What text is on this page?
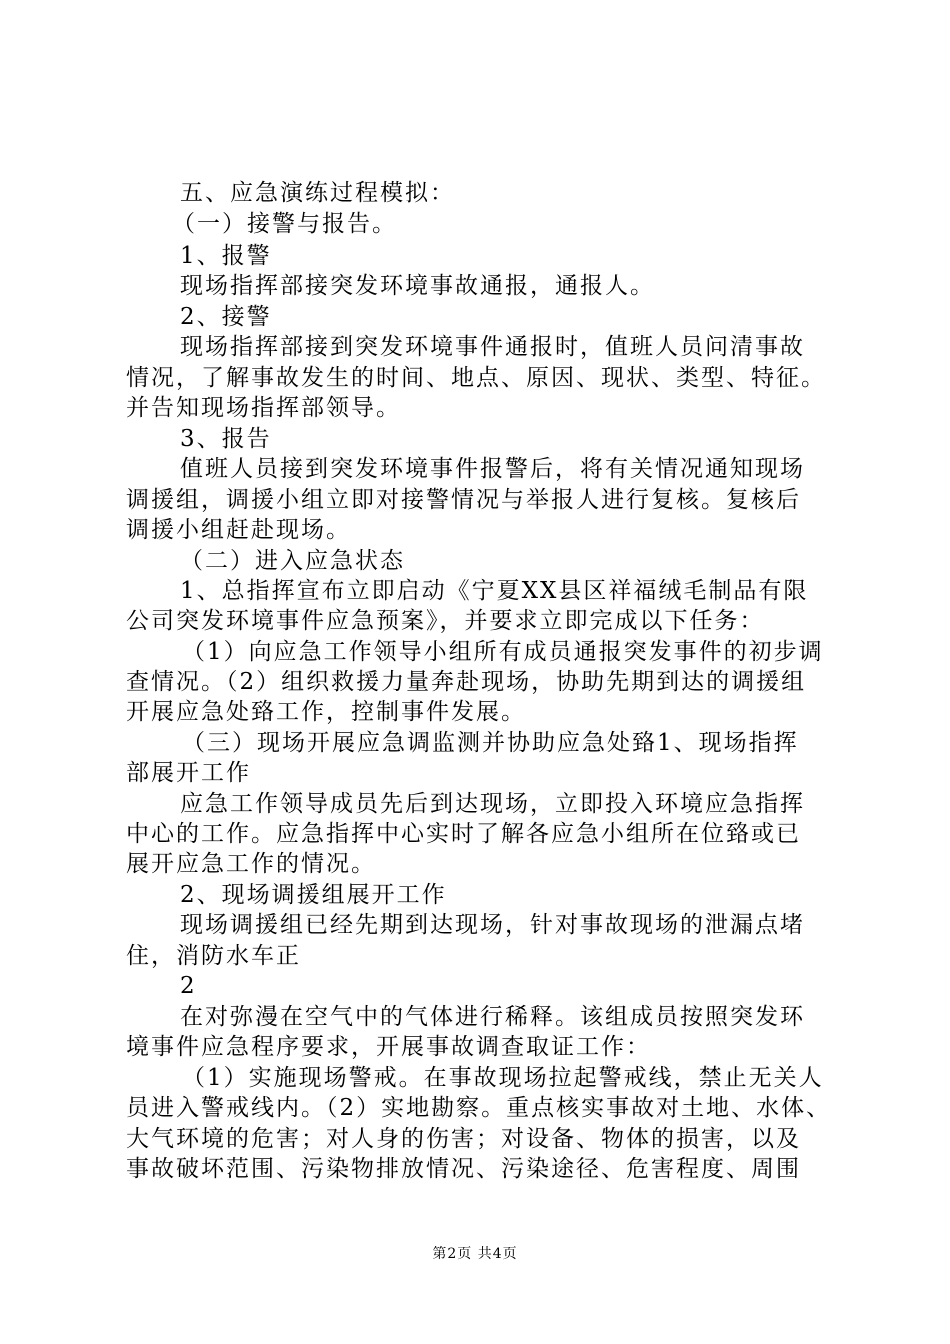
五、应急演练过程模拟：
（一）接警与报告。
1、报警
现场指挥部接突发环境事故通报，通报人。
2、接警
现场指挥部接到突发环境事件通报时，值班人员问清事故
情况，了解事故发生的时间、地点、原因、现状、类型、特征。
并告知现场指挥部领导。
3、报告
值班人员接到突发环境事件报警后，将有关情况通知现场
调援组，调援小组立即对接警情况与举报人进行复核。复核后
调援小组赶赴现场。
（二）进入应急状态
1、总指挥宣布立即启动《宁夏XX县区祥福绒毛制品有限
公司突发环境事件应急预案》，并要求立即完成以下任务：
（1）向应急工作领导小组所有成员通报突发事件的初步调
查情况。（2）组织救援力量奔赴现场，协助先期到达的调援组
开展应急处臵工作，控制事件发展。
（三）现场开展应急调监测并协助应急处臵1、现场指挥
部展开工作
应急工作领导成员先后到达现场，立即投入环境应急指挥
中心的工作。应急指挥中心实时了解各应急小组所在位臵或已
展开应急工作的情况。
2、现场调援组展开工作
现场调援组已经先期到达现场，针对事故现场的泄漏点堵
住，消防水车正
2
在对弥漫在空气中的气体进行稀释。该组成员按照突发环
境事件应急程序要求，开展事故调查取证工作：
（1）实施现场警戒。在事故现场拉起警戒线，禁止无关人
员进入警戒线内。（2）实地勘察。重点核实事故对土地、水体、
大气环境的危害；对人身的伤害；对设备、物体的损害，以及
事故破坏范围、污染物排放情况、污染途径、危害程度、周围
第2页 共4页
